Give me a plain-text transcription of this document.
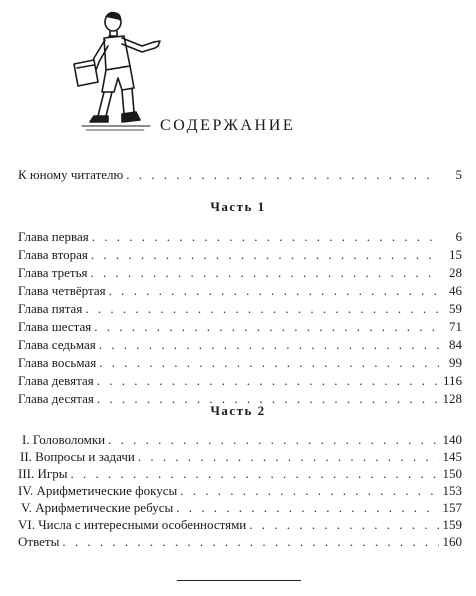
СОДЕРЖАНИЕ
К юному читателю . . .	5
Часть 1
Глава первая . . .	6
Глава вторая . . .	15
Глава третья . . .	28
Глава четвёртая . . .	46
Глава пятая . . .	59
Глава шестая . . .	71
Глава седьмая . . .	84
Глава восьмая . . .	99
Глава девятая . . .	116
Глава десятая . . .	128
Часть 2
I. Головоломки . . .	140
II. Вопросы и задачи . . .	145
III. Игры . . .	150
IV. Арифметические фокусы . . .	153
V. Арифметические ребусы . . .	157
VI. Числа с интересными особенностями . . .	159
Ответы . . .	160
